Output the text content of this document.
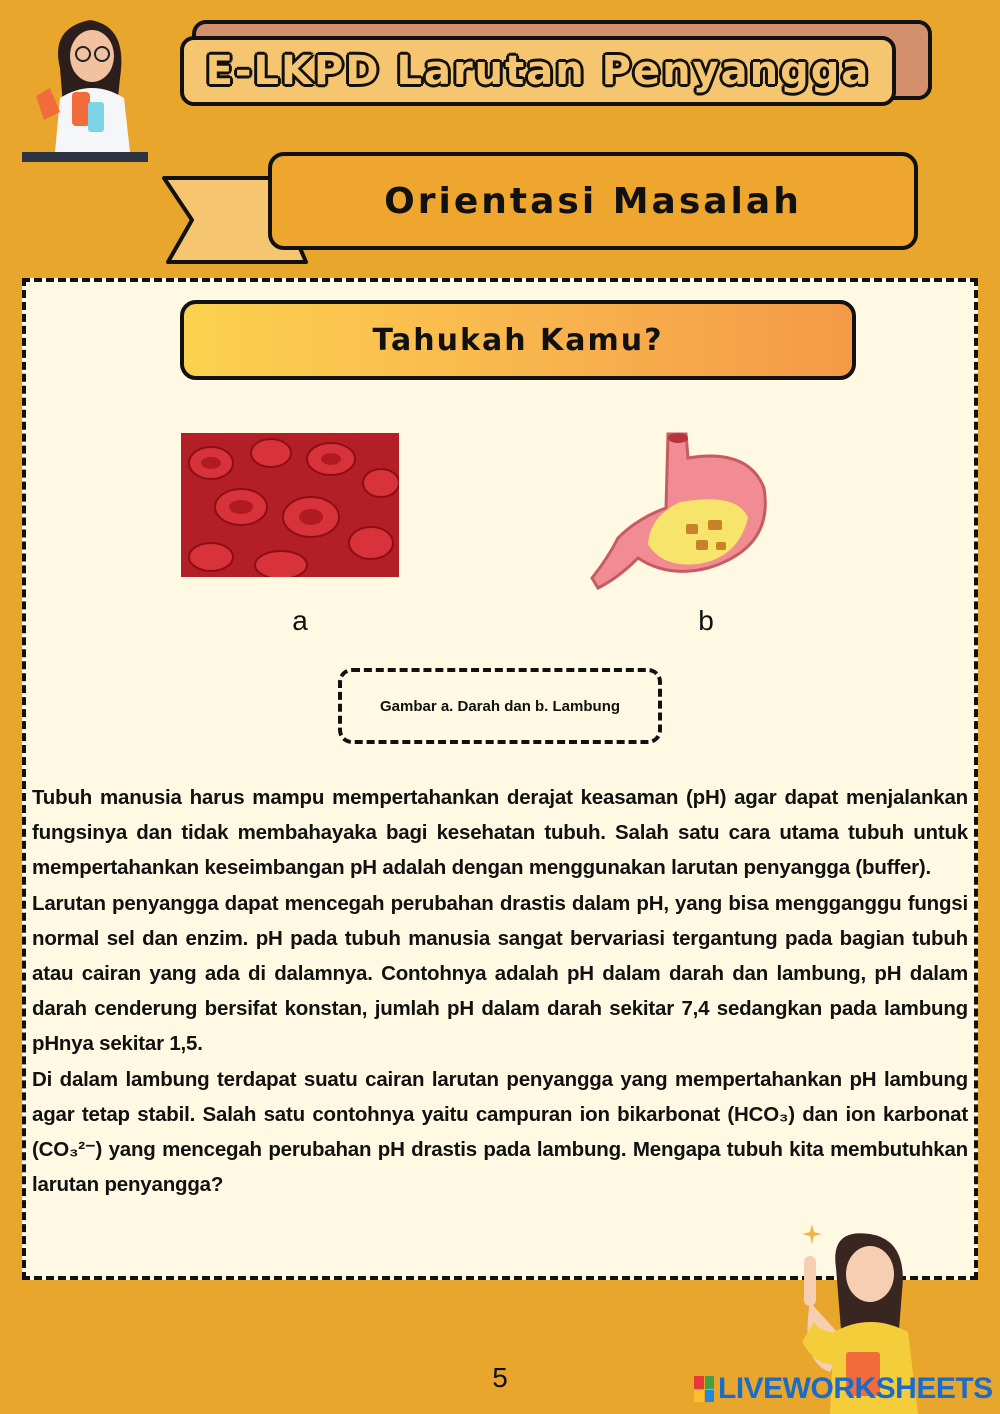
E-LKPD Larutan Penyangga
Orientasi Masalah
Tahukah Kamu?
a	b
Gambar a. Darah dan b. Lambung

Tubuh manusia harus mampu mempertahankan derajat keasaman (pH) agar dapat menjalankan fungsinya dan tidak membahayaka bagi kesehatan tubuh. Salah satu cara utama tubuh untuk mempertahankan keseimbangan pH adalah dengan menggunakan larutan penyangga (buffer).

Larutan penyangga dapat mencegah perubahan drastis dalam pH, yang bisa mengganggu fungsi normal sel dan enzim. pH pada tubuh manusia sangat bervariasi tergantung pada bagian tubuh atau cairan yang ada di dalamnya. Contohnya adalah pH dalam darah dan lambung, pH dalam darah cenderung bersifat konstan, jumlah pH dalam darah sekitar 7,4 sedangkan pada lambung pHnya sekitar 1,5.

Di dalam lambung terdapat suatu cairan larutan penyangga yang mempertahankan pH lambung agar tetap stabil. Salah satu contohnya yaitu campuran ion bikarbonat (HCO₃) dan ion karbonat (CO₃²⁻) yang mencegah perubahan pH drastis pada lambung. Mengapa tubuh kita membutuhkan larutan penyangga?

5	LIVEWORKSHEETS
